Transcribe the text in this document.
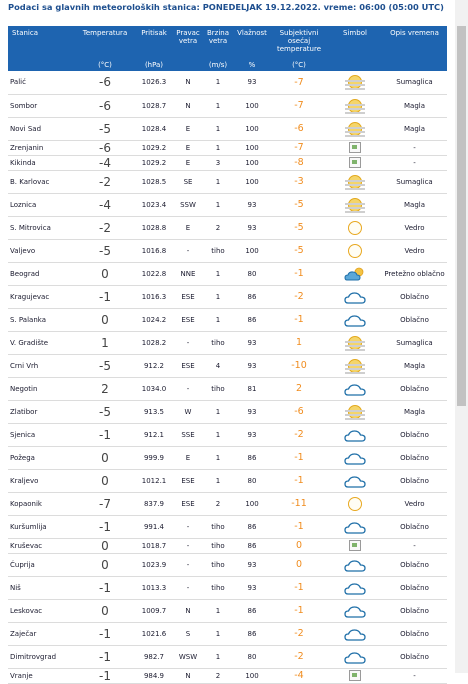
Podaci sa glavnih meteoroloških stanica: PONEDELJAK 19.12.2022. vreme: 06:00 (05:00 UTC)
Stanica	Temperatura	Pritisak	Pravac vetra	Brzina vetra	Vlažnost	Subjektivni osećaj temperature	Simbol	Opis vremena
	(°C)	(hPa)		(m/s)	%	(°C)		
Palić	-6	1026.3	N	1	93	-7		Sumaglica
Sombor	-6	1028.7	N	1	100	-7		Magla
Novi Sad	-5	1028.4	E	1	100	-6		Magla
Zrenjanin	-6	1029.2	E	1	100	-7		-
Kikinda	-4	1029.2	E	3	100	-8		-
B. Karlovac	-2	1028.5	SE	1	100	-3		Sumaglica
Loznica	-4	1023.4	SSW	1	93	-5		Magla
S. Mitrovica	-2	1028.8	E	2	93	-5		Vedro
Valjevo	-5	1016.8	-	tiho	100	-5		Vedro
Beograd	0	1022.8	NNE	1	80	-1		Pretežno oblačno
Kragujevac	-1	1016.3	ESE	1	86	-2		Oblačno
S. Palanka	0	1024.2	ESE	1	86	-1		Oblačno
V. Gradište	1	1028.2	-	tiho	93	1		Sumaglica
Crni Vrh	-5	912.2	ESE	4	93	-10		Magla
Negotin	2	1034.0	-	tiho	81	2		Oblačno
Zlatibor	-5	913.5	W	1	93	-6		Magla
Sjenica	-1	912.1	SSE	1	93	-2		Oblačno
Požega	0	999.9	E	1	86	-1		Oblačno
Kraljevo	0	1012.1	ESE	1	80	-1		Oblačno
Kopaonik	-7	837.9	ESE	2	100	-11		Vedro
Kuršumlija	-1	991.4	-	tiho	86	-1		Oblačno
Kruševac	0	1018.7	-	tiho	86	0		-
Ćuprija	0	1023.9	-	tiho	93	0		Oblačno
Niš	-1	1013.3	-	tiho	93	-1		Oblačno
Leskovac	0	1009.7	N	1	86	-1		Oblačno
Zaječar	-1	1021.6	S	1	86	-2		Oblačno
Dimitrovgrad	-1	982.7	WSW	1	80	-2		Oblačno
Vranje	-1	984.9	N	2	100	-4		-
